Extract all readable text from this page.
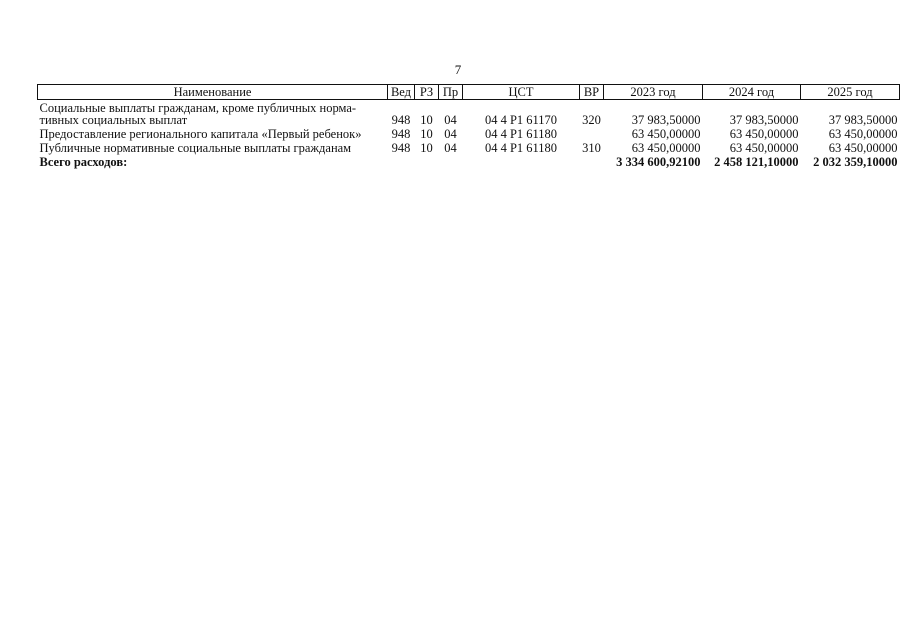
7
Наименование	Вед	РЗ	Пр	ЦСТ	ВР	2023 год	2024 год	2025 год
Социальные выплаты гражданам, кроме публичных норма-
тивных социальных выплат	948	10	04	04 4 P1 61170	320	37 983,50000	37 983,50000	37 983,50000
Предоставление регионального капитала «Первый ребенок»	948	10	04	04 4 P1 61180		63 450,00000	63 450,00000	63 450,00000
Публичные нормативные социальные выплаты гражданам	948	10	04	04 4 P1 61180	310	63 450,00000	63 450,00000	63 450,00000
Всего расходов:						3 334 600,92100	2 458 121,10000	2 032 359,10000
